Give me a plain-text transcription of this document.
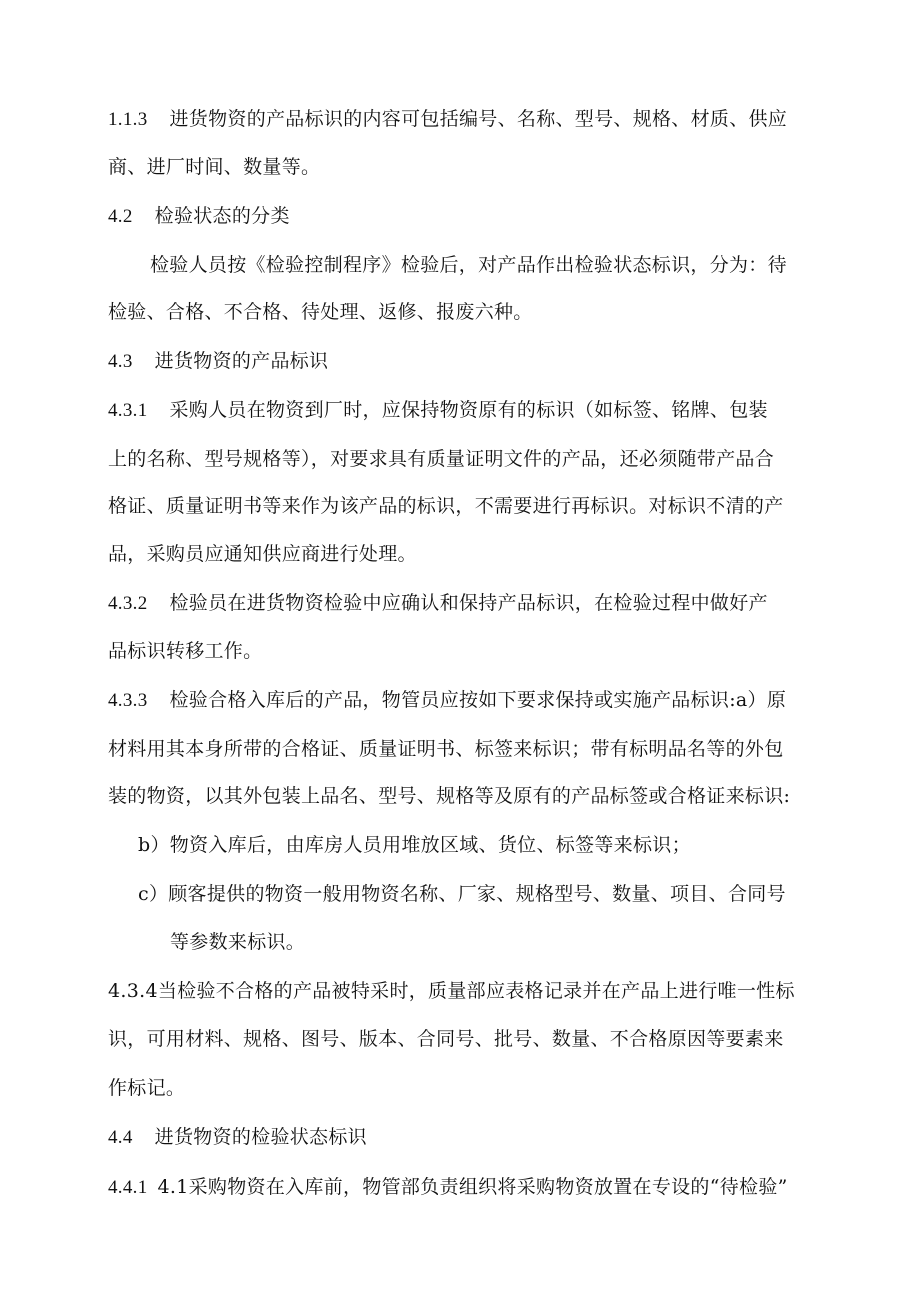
1.1.3 进货物资的产品标识的内容可包括编号、名称、型号、规格、材质、供应
商、进厂时间、数量等。
4.2 检验状态的分类
检验人员按《检验控制程序》检验后，对产品作出检验状态标识，分为：待
检验、合格、不合格、待处理、返修、报废六种。
4.3 进货物资的产品标识
4.3.1 采购人员在物资到厂时，应保持物资原有的标识（如标签、铭牌、包装
上的名称、型号规格等），对要求具有质量证明文件的产品，还必须随带产品合
格证、质量证明书等来作为该产品的标识，不需要进行再标识。对标识不清的产
品，采购员应通知供应商进行处理。
4.3.2 检验员在进货物资检验中应确认和保持产品标识，在检验过程中做好产
品标识转移工作。
4.3.3 检验合格入库后的产品，物管员应按如下要求保持或实施产品标识:a）原
材料用其本身所带的合格证、质量证明书、标签来标识；带有标明品名等的外包
装的物资，以其外包装上品名、型号、规格等及原有的产品标签或合格证来标识:
b）物资入库后，由库房人员用堆放区域、货位、标签等来标识；
c）顾客提供的物资一般用物资名称、厂家、规格型号、数量、项目、合同号
等参数来标识。
4.3.4当检验不合格的产品被特采时，质量部应表格记录并在产品上进行唯一性标
识，可用材料、规格、图号、版本、合同号、批号、数量、不合格原因等要素来
作标记。
4.4 进货物资的检验状态标识
4.4.1 4.1采购物资在入库前，物管部负责组织将采购物资放置在专设的“待检验”
